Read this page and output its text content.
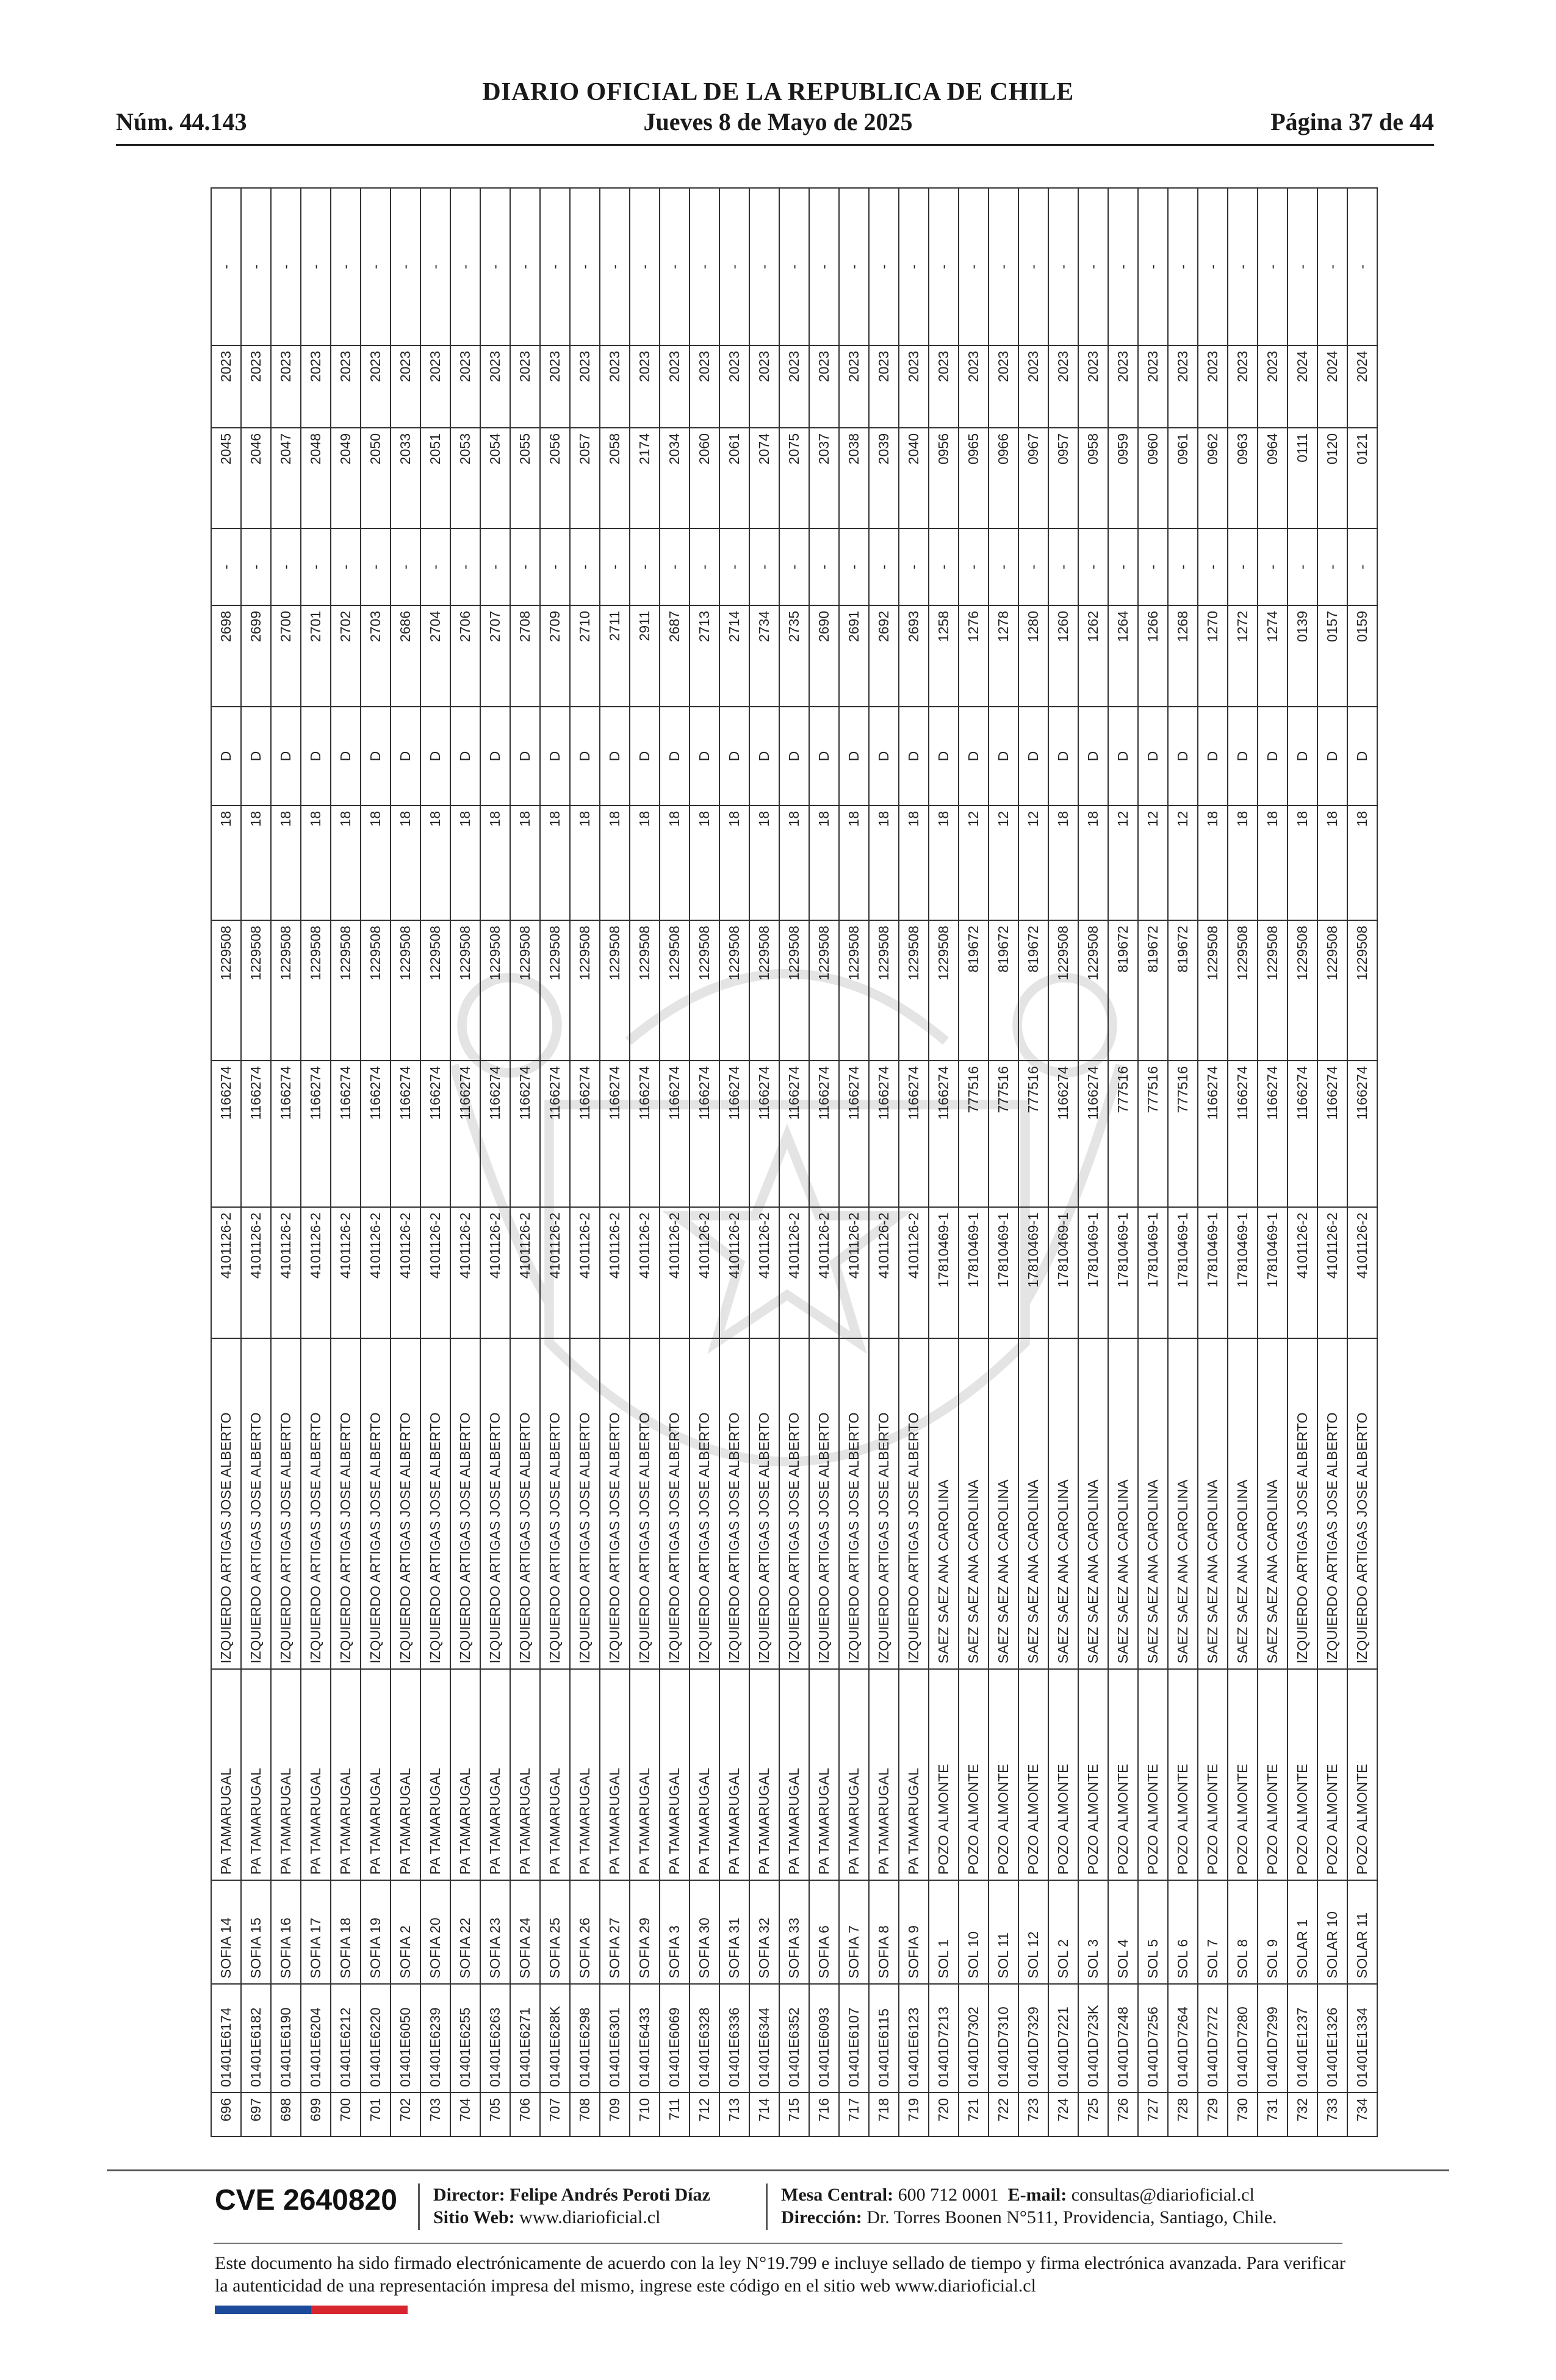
DIARIO OFICIAL DE LA REPUBLICA DE CHILE
Núm. 44.143	Jueves 8 de Mayo de 2025	Página 37 de 44
696	01401E6174	SOFIA 14	PA TAMARUGAL	IZQUIERDO ARTIGAS JOSE ALBERTO	4101126-2	1166274	1229508	18	D	2698	-	2045	2023	-
697	01401E6182	SOFIA 15	PA TAMARUGAL	IZQUIERDO ARTIGAS JOSE ALBERTO	4101126-2	1166274	1229508	18	D	2699	-	2046	2023	-
698	01401E6190	SOFIA 16	PA TAMARUGAL	IZQUIERDO ARTIGAS JOSE ALBERTO	4101126-2	1166274	1229508	18	D	2700	-	2047	2023	-
699	01401E6204	SOFIA 17	PA TAMARUGAL	IZQUIERDO ARTIGAS JOSE ALBERTO	4101126-2	1166274	1229508	18	D	2701	-	2048	2023	-
700	01401E6212	SOFIA 18	PA TAMARUGAL	IZQUIERDO ARTIGAS JOSE ALBERTO	4101126-2	1166274	1229508	18	D	2702	-	2049	2023	-
701	01401E6220	SOFIA 19	PA TAMARUGAL	IZQUIERDO ARTIGAS JOSE ALBERTO	4101126-2	1166274	1229508	18	D	2703	-	2050	2023	-
702	01401E6050	SOFIA 2	PA TAMARUGAL	IZQUIERDO ARTIGAS JOSE ALBERTO	4101126-2	1166274	1229508	18	D	2686	-	2033	2023	-
703	01401E6239	SOFIA 20	PA TAMARUGAL	IZQUIERDO ARTIGAS JOSE ALBERTO	4101126-2	1166274	1229508	18	D	2704	-	2051	2023	-
704	01401E6255	SOFIA 22	PA TAMARUGAL	IZQUIERDO ARTIGAS JOSE ALBERTO	4101126-2	1166274	1229508	18	D	2706	-	2053	2023	-
705	01401E6263	SOFIA 23	PA TAMARUGAL	IZQUIERDO ARTIGAS JOSE ALBERTO	4101126-2	1166274	1229508	18	D	2707	-	2054	2023	-
706	01401E6271	SOFIA 24	PA TAMARUGAL	IZQUIERDO ARTIGAS JOSE ALBERTO	4101126-2	1166274	1229508	18	D	2708	-	2055	2023	-
707	01401E628K	SOFIA 25	PA TAMARUGAL	IZQUIERDO ARTIGAS JOSE ALBERTO	4101126-2	1166274	1229508	18	D	2709	-	2056	2023	-
708	01401E6298	SOFIA 26	PA TAMARUGAL	IZQUIERDO ARTIGAS JOSE ALBERTO	4101126-2	1166274	1229508	18	D	2710	-	2057	2023	-
709	01401E6301	SOFIA 27	PA TAMARUGAL	IZQUIERDO ARTIGAS JOSE ALBERTO	4101126-2	1166274	1229508	18	D	2711	-	2058	2023	-
710	01401E6433	SOFIA 29	PA TAMARUGAL	IZQUIERDO ARTIGAS JOSE ALBERTO	4101126-2	1166274	1229508	18	D	2911	-	2174	2023	-
711	01401E6069	SOFIA 3	PA TAMARUGAL	IZQUIERDO ARTIGAS JOSE ALBERTO	4101126-2	1166274	1229508	18	D	2687	-	2034	2023	-
712	01401E6328	SOFIA 30	PA TAMARUGAL	IZQUIERDO ARTIGAS JOSE ALBERTO	4101126-2	1166274	1229508	18	D	2713	-	2060	2023	-
713	01401E6336	SOFIA 31	PA TAMARUGAL	IZQUIERDO ARTIGAS JOSE ALBERTO	4101126-2	1166274	1229508	18	D	2714	-	2061	2023	-
714	01401E6344	SOFIA 32	PA TAMARUGAL	IZQUIERDO ARTIGAS JOSE ALBERTO	4101126-2	1166274	1229508	18	D	2734	-	2074	2023	-
715	01401E6352	SOFIA 33	PA TAMARUGAL	IZQUIERDO ARTIGAS JOSE ALBERTO	4101126-2	1166274	1229508	18	D	2735	-	2075	2023	-
716	01401E6093	SOFIA 6	PA TAMARUGAL	IZQUIERDO ARTIGAS JOSE ALBERTO	4101126-2	1166274	1229508	18	D	2690	-	2037	2023	-
717	01401E6107	SOFIA 7	PA TAMARUGAL	IZQUIERDO ARTIGAS JOSE ALBERTO	4101126-2	1166274	1229508	18	D	2691	-	2038	2023	-
718	01401E6115	SOFIA 8	PA TAMARUGAL	IZQUIERDO ARTIGAS JOSE ALBERTO	4101126-2	1166274	1229508	18	D	2692	-	2039	2023	-
719	01401E6123	SOFIA 9	PA TAMARUGAL	IZQUIERDO ARTIGAS JOSE ALBERTO	4101126-2	1166274	1229508	18	D	2693	-	2040	2023	-
720	01401D7213	SOL 1	POZO ALMONTE	SAEZ SAEZ ANA CAROLINA	17810469-1	1166274	1229508	18	D	1258	-	0956	2023	-
721	01401D7302	SOL 10	POZO ALMONTE	SAEZ SAEZ ANA CAROLINA	17810469-1	777516	819672	12	D	1276	-	0965	2023	-
722	01401D7310	SOL 11	POZO ALMONTE	SAEZ SAEZ ANA CAROLINA	17810469-1	777516	819672	12	D	1278	-	0966	2023	-
723	01401D7329	SOL 12	POZO ALMONTE	SAEZ SAEZ ANA CAROLINA	17810469-1	777516	819672	12	D	1280	-	0967	2023	-
724	01401D7221	SOL 2	POZO ALMONTE	SAEZ SAEZ ANA CAROLINA	17810469-1	1166274	1229508	18	D	1260	-	0957	2023	-
725	01401D723K	SOL 3	POZO ALMONTE	SAEZ SAEZ ANA CAROLINA	17810469-1	1166274	1229508	18	D	1262	-	0958	2023	-
726	01401D7248	SOL 4	POZO ALMONTE	SAEZ SAEZ ANA CAROLINA	17810469-1	777516	819672	12	D	1264	-	0959	2023	-
727	01401D7256	SOL 5	POZO ALMONTE	SAEZ SAEZ ANA CAROLINA	17810469-1	777516	819672	12	D	1266	-	0960	2023	-
728	01401D7264	SOL 6	POZO ALMONTE	SAEZ SAEZ ANA CAROLINA	17810469-1	777516	819672	12	D	1268	-	0961	2023	-
729	01401D7272	SOL 7	POZO ALMONTE	SAEZ SAEZ ANA CAROLINA	17810469-1	1166274	1229508	18	D	1270	-	0962	2023	-
730	01401D7280	SOL 8	POZO ALMONTE	SAEZ SAEZ ANA CAROLINA	17810469-1	1166274	1229508	18	D	1272	-	0963	2023	-
731	01401D7299	SOL 9	POZO ALMONTE	SAEZ SAEZ ANA CAROLINA	17810469-1	1166274	1229508	18	D	1274	-	0964	2023	-
732	01401E1237	SOLAR 1	POZO ALMONTE	IZQUIERDO ARTIGAS JOSE ALBERTO	4101126-2	1166274	1229508	18	D	0139	-	0111	2024	-
733	01401E1326	SOLAR 10	POZO ALMONTE	IZQUIERDO ARTIGAS JOSE ALBERTO	4101126-2	1166274	1229508	18	D	0157	-	0120	2024	-
734	01401E1334	SOLAR 11	POZO ALMONTE	IZQUIERDO ARTIGAS JOSE ALBERTO	4101126-2	1166274	1229508	18	D	0159	-	0121	2024	-
CVE 2640820 Director: Felipe Andrés Peroti Díaz
Sitio Web: www.diarioficial.cl
Mesa Central: 600 712 0001 E-mail: consultas@diarioficial.cl
Dirección: Dr. Torres Boonen N°511, Providencia, Santiago, Chile.
Este documento ha sido firmado electrónicamente de acuerdo con la ley N°19.799 e incluye sellado de tiempo y firma electrónica avanzada. Para verificar la autenticidad de una representación impresa del mismo, ingrese este código en el sitio web www.diarioficial.cl
